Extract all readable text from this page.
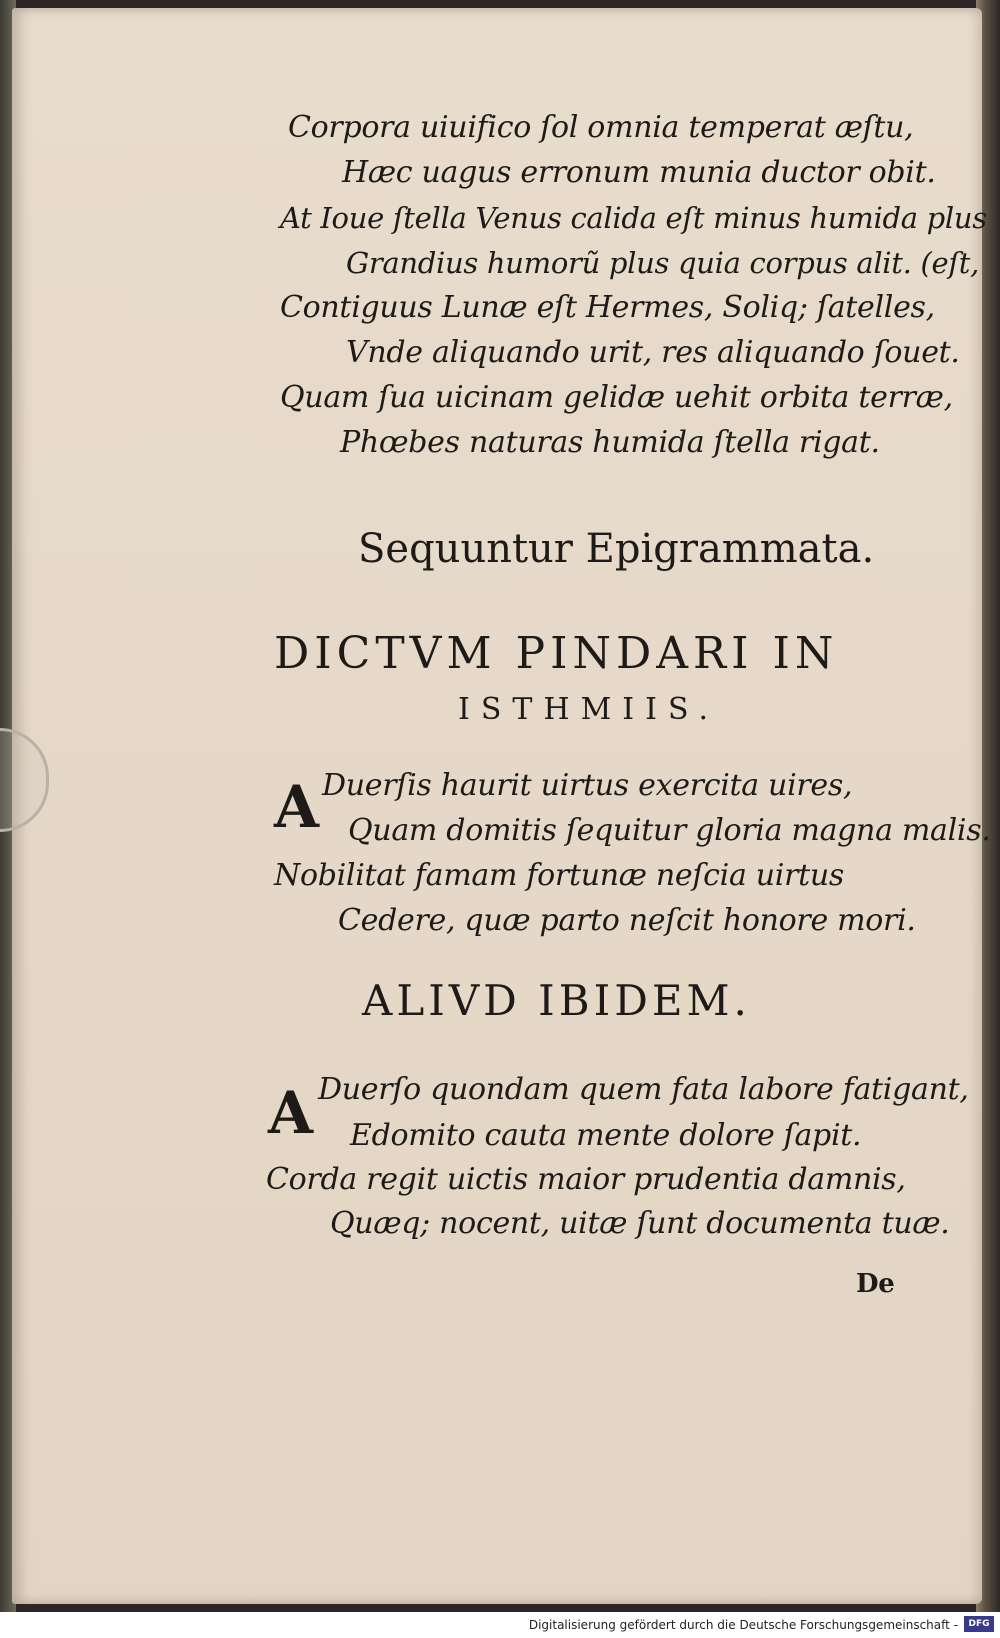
Corpora uiuifico ſol omnia temperat æſtu,
Hæc uagus erronum munia ductor obit.
At Ioue ſtella Venus calida eſt minus humida plus
Grandius humorũ plus quia corpus alit. (eſt,
Contiguus Lunæ eſt Hermes, Soliq; ſatelles,
Vnde aliquando urit, res aliquando ſouet.
Quam ſua uicinam gelidæ uehit orbita terræ,
Phœbes naturas humida ſtella rigat.
Sequuntur Epigrammata.
DICTVM PINDARI IN
ISTHMIIS.
A Duerſis haurit uirtus exercita uires,
Quam domitis ſequitur gloria magna malis.
Nobilitat famam fortunæ neſcia uirtus
Cedere, quæ parto neſcit honore mori.
ALIVD IBIDEM.
A Duerſo quondam quem fata labore fatigant,
Edomito cauta mente dolore ſapit.
Corda regit uictis maior prudentia damnis,
Quæq; nocent, uitæ ſunt documenta tuæ.
De
Digitalisierung gefördert durch die Deutsche Forschungsgemeinschaft -	DFG
